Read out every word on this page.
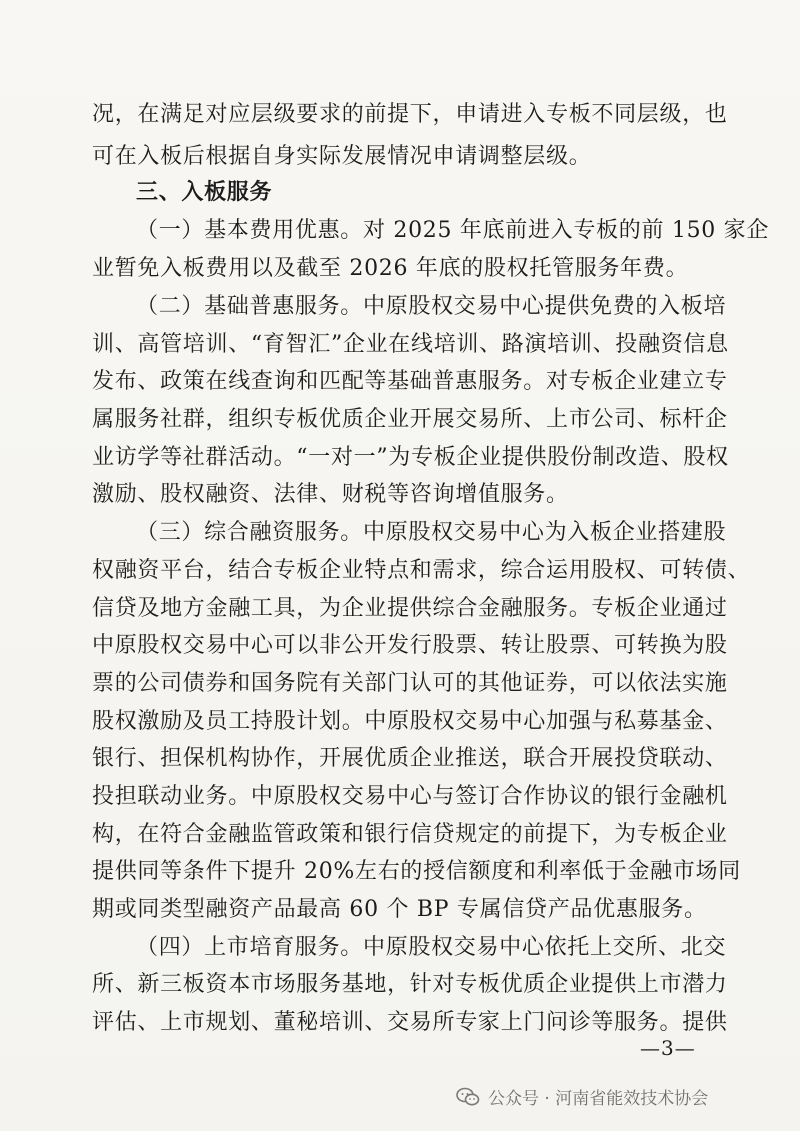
况，在满足对应层级要求的前提下，申请进入专板不同层级，也
可在入板后根据自身实际发展情况申请调整层级。
三、入板服务
（一）基本费用优惠。对 2025 年底前进入专板的前 150 家企
业暂免入板费用以及截至 2026 年底的股权托管服务年费。
（二）基础普惠服务。中原股权交易中心提供免费的入板培
训、高管培训、“育智汇”企业在线培训、路演培训、投融资信息
发布、政策在线查询和匹配等基础普惠服务。对专板企业建立专
属服务社群，组织专板优质企业开展交易所、上市公司、标杆企
业访学等社群活动。“一对一”为专板企业提供股份制改造、股权
激励、股权融资、法律、财税等咨询增值服务。
（三）综合融资服务。中原股权交易中心为入板企业搭建股
权融资平台，结合专板企业特点和需求，综合运用股权、可转债、
信贷及地方金融工具，为企业提供综合金融服务。专板企业通过
中原股权交易中心可以非公开发行股票、转让股票、可转换为股
票的公司债券和国务院有关部门认可的其他证券，可以依法实施
股权激励及员工持股计划。中原股权交易中心加强与私募基金、
银行、担保机构协作，开展优质企业推送，联合开展投贷联动、
投担联动业务。中原股权交易中心与签订合作协议的银行金融机
构，在符合金融监管政策和银行信贷规定的前提下，为专板企业
提供同等条件下提升 20%左右的授信额度和利率低于金融市场同
期或同类型融资产品最高 60 个 BP 专属信贷产品优惠服务。
（四）上市培育服务。中原股权交易中心依托上交所、北交
所、新三板资本市场服务基地，针对专板优质企业提供上市潜力
评估、上市规划、董秘培训、交易所专家上门问诊等服务。提供
—3—
公众号 · 河南省能效技术协会
